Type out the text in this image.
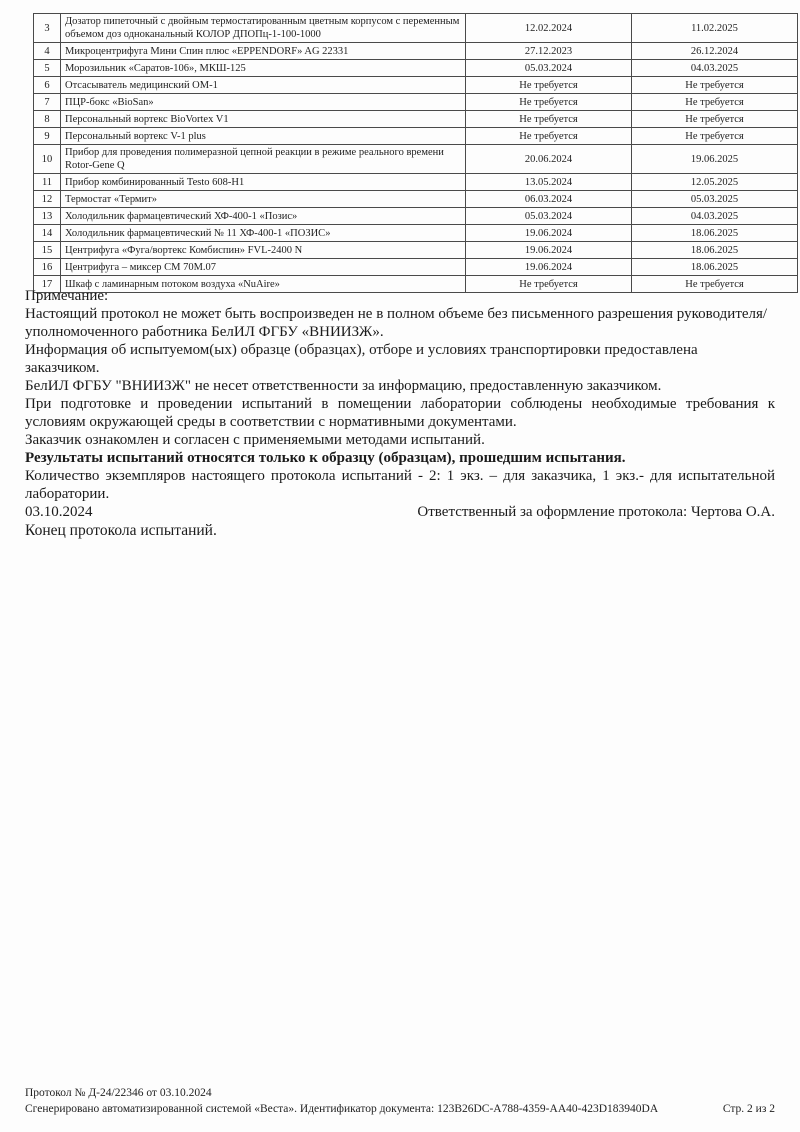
3	Дозатор пипеточный с двойным термостатированным цветным корпусом с переменным объемом доз одноканальный КОЛОР ДПОПц-1-100-1000	12.02.2024	11.02.2025
4	Микроцентрифуга Мини Спин плюс «EPPENDORF» AG 22331	27.12.2023	26.12.2024
5	Морозильник «Саратов-106», МКШ-125	05.03.2024	04.03.2025
6	Отсасыватель медицинский ОМ-1	Не требуется	Не требуется
7	ПЦР-бокс «BioSan»	Не требуется	Не требуется
8	Персональный вортекс BioVortex V1	Не требуется	Не требуется
9	Персональный вортекс V-1 plus	Не требуется	Не требуется
10	Прибор для проведения полимеразной цепной реакции в режиме реального времени Rotor-Gene Q	20.06.2024	19.06.2025
11	Прибор комбинированный Testo 608-Н1	13.05.2024	12.05.2025
12	Термостат «Термит»	06.03.2024	05.03.2025
13	Холодильник фармацевтический ХФ-400-1 «Позис»	05.03.2024	04.03.2025
14	Холодильник фармацевтический № 11 ХФ-400-1 «ПОЗИС»	19.06.2024	18.06.2025
15	Центрифуга «Фуга/вортекс Комбиспин» FVL-2400 N	19.06.2024	18.06.2025
16	Центрифуга – миксер СМ 70М.07	19.06.2024	18.06.2025
17	Шкаф с ламинарным потоком воздуха «NuAire»	Не требуется	Не требуется

Примечание:

Настоящий протокол не может быть воспроизведен не в полном объеме без письменного разрешения руководителя/уполномоченного работника БелИЛ ФГБУ «ВНИИЗЖ».

Информация об испытуемом(ых) образце (образцах), отборе и условиях транспортировки предоставлена заказчиком.

БелИЛ ФГБУ "ВНИИЗЖ" не несет ответственности за информацию, предоставленную заказчиком.

При подготовке и проведении испытаний в помещении лаборатории соблюдены необходимые требования к условиям окружающей среды в соответствии с нормативными документами.

Заказчик ознакомлен и согласен с применяемыми методами испытаний.

Результаты испытаний относятся только к образцу (образцам), прошедшим испытания.

Количество экземпляров настоящего протокола испытаний - 2: 1 экз. – для заказчика, 1 экз.- для испытательной лаборатории.

03.10.2024	Ответственный за оформление протокола: Чертова О.А.
Конец протокола испытаний.
Протокол № Д-24/22346 от 03.10.2024
Сгенерировано автоматизированной системой «Веста». Идентификатор документа: 123B26DC-A788-4359-AA40-423D183940DA	Стр. 2 из 2
